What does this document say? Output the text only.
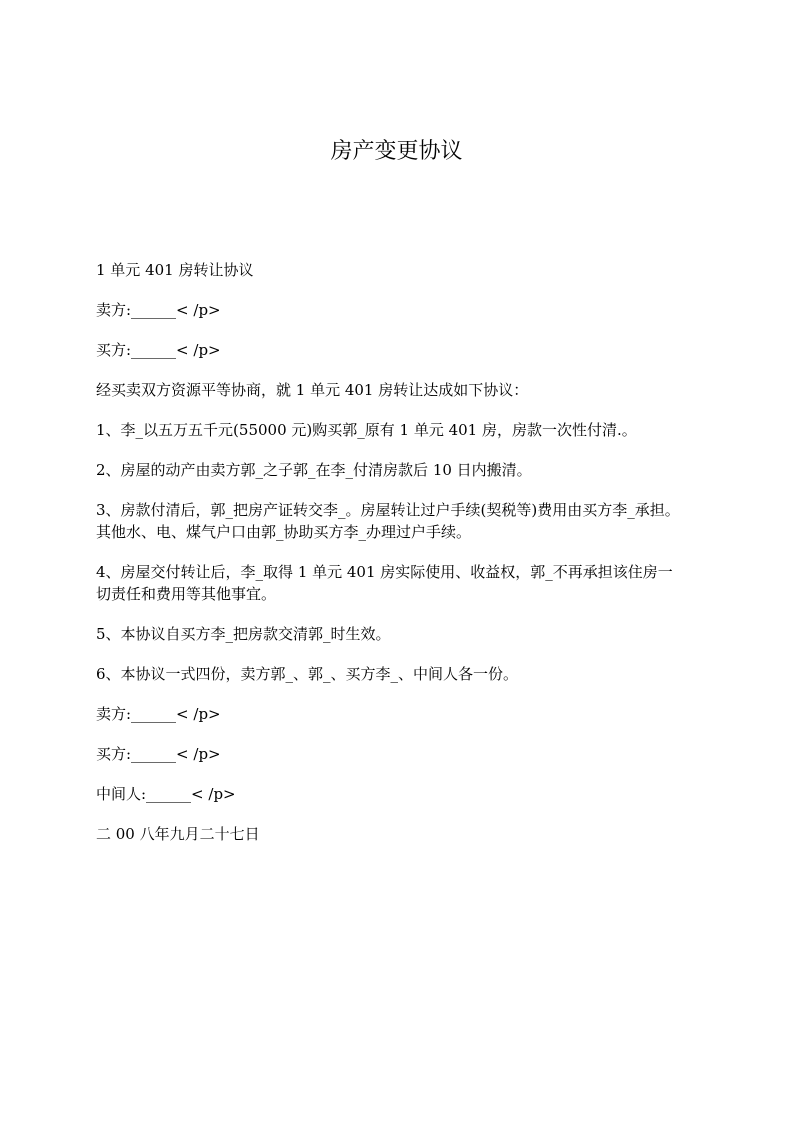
房产变更协议

1 单元 401 房转让协议

卖方:______< /p>

买方:______< /p>

经买卖双方资源平等协商，就 1 单元 401 房转让达成如下协议：

1、李_以五万五千元(55000 元)购买郭_原有 1 单元 401 房，房款一次性付清.。

2、房屋的动产由卖方郭_之子郭_在李_付清房款后 10 日内搬清。

3、房款付清后，郭_把房产证转交李_。房屋转让过户手续(契税等)费用由买方李_承担。
其他水、电、煤气户口由郭_协助买方李_办理过户手续。

4、房屋交付转让后，李_取得 1 单元 401 房实际使用、收益权，郭_不再承担该住房一
切责任和费用等其他事宜。

5、本协议自买方李_把房款交清郭_时生效。

6、本协议一式四份，卖方郭_、郭_、买方李_、中间人各一份。

卖方:______< /p>

买方:______< /p>

中间人:______< /p>

二 00 八年九月二十七日
